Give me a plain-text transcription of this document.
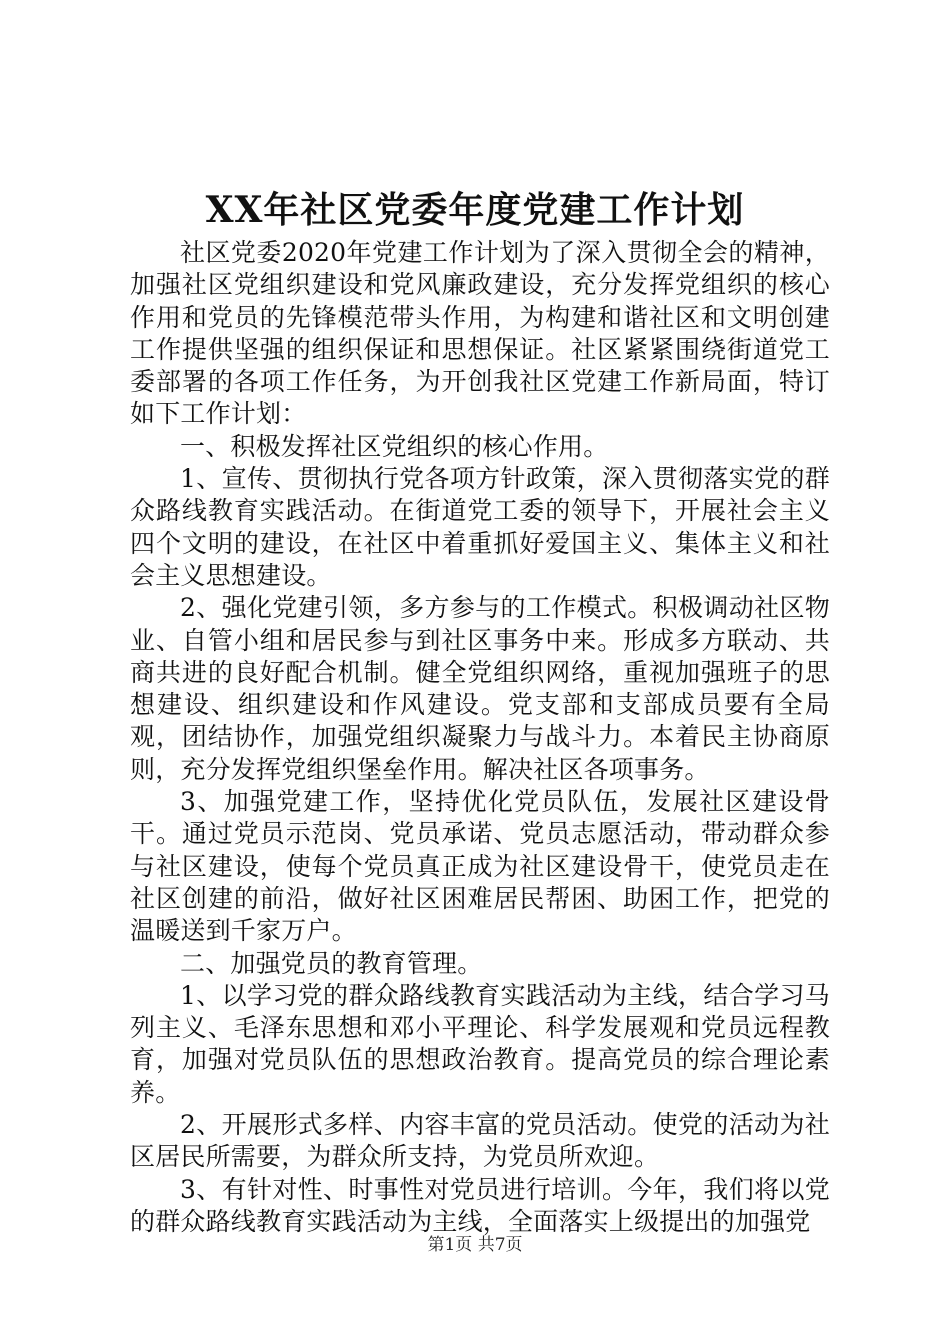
XX年社区党委年度党建工作计划

社区党委2020年党建工作计划为了深入贯彻全会的精神，加强社区党组织建设和党风廉政建设，充分发挥党组织的核心作用和党员的先锋模范带头作用，为构建和谐社区和文明创建工作提供坚强的组织保证和思想保证。社区紧紧围绕街道党工委部署的各项工作任务，为开创我社区党建工作新局面，特订如下工作计划：

一、积极发挥社区党组织的核心作用。

1、宣传、贯彻执行党各项方针政策，深入贯彻落实党的群众路线教育实践活动。在街道党工委的领导下，开展社会主义四个文明的建设，在社区中着重抓好爱国主义、集体主义和社会主义思想建设。

2、强化党建引领，多方参与的工作模式。积极调动社区物业、自管小组和居民参与到社区事务中来。形成多方联动、共商共进的良好配合机制。健全党组织网络，重视加强班子的思想建设、组织建设和作风建设。党支部和支部成员要有全局观，团结协作，加强党组织凝聚力与战斗力。本着民主协商原则，充分发挥党组织堡垒作用。解决社区各项事务。

3、加强党建工作，坚持优化党员队伍，发展社区建设骨干。通过党员示范岗、党员承诺、党员志愿活动，带动群众参与社区建设，使每个党员真正成为社区建设骨干，使党员走在社区创建的前沿，做好社区困难居民帮困、助困工作，把党的温暖送到千家万户。

二、加强党员的教育管理。

1、以学习党的群众路线教育实践活动为主线，结合学习马列主义、毛泽东思想和邓小平理论、科学发展观和党员远程教育，加强对党员队伍的思想政治教育。提高党员的综合理论素养。

2、开展形式多样、内容丰富的党员活动。使党的活动为社区居民所需要，为群众所支持，为党员所欢迎。

3、有针对性、时事性对党员进行培训。今年，我们将以党的群众路线教育实践活动为主线，全面落实上级提出的加强党

第1页 共7页
